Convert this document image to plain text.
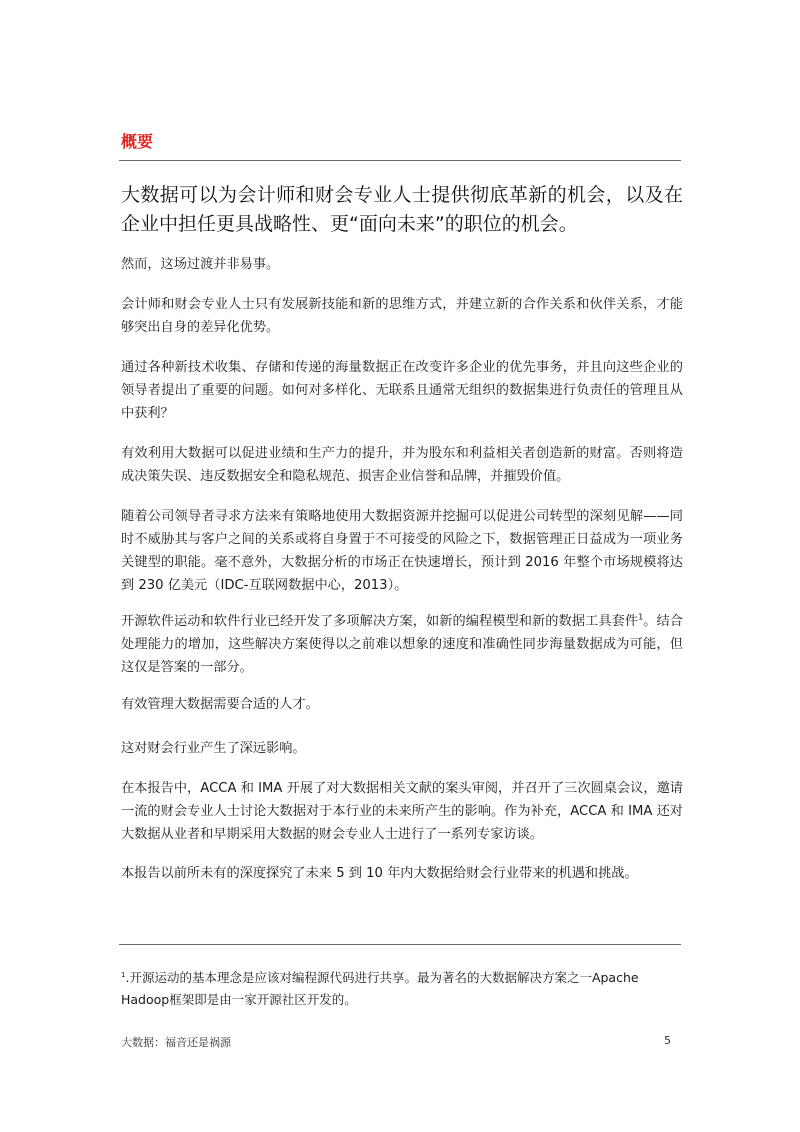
概要
大数据可以为会计师和财会专业人士提供彻底革新的机会，以及在企业中担任更具战略性、更“面向未来”的职位的机会。

然而，这场过渡并非易事。

会计师和财会专业人士只有发展新技能和新的思维方式，并建立新的合作关系和伙伴关系，才能够突出自身的差异化优势。

通过各种新技术收集、存储和传递的海量数据正在改变许多企业的优先事务，并且向这些企业的领导者提出了重要的问题。如何对多样化、无联系且通常无组织的数据集进行负责任的管理且从中获利？

有效利用大数据可以促进业绩和生产力的提升，并为股东和利益相关者创造新的财富。否则将造成决策失误、违反数据安全和隐私规范、损害企业信誉和品牌，并摧毁价值。

随着公司领导者寻求方法来有策略地使用大数据资源并挖掘可以促进公司转型的深刻见解——同时不威胁其与客户之间的关系或将自身置于不可接受的风险之下，数据管理正日益成为一项业务关键型的职能。毫不意外，大数据分析的市场正在快速增长，预计到 2016 年整个市场规模将达到 230 亿美元（IDC-互联网数据中心，2013）。

开源软件运动和软件行业已经开发了多项解决方案，如新的编程模型和新的数据工具套件$^1$。结合处理能力的增加，这些解决方案使得以之前难以想象的速度和准确性同步海量数据成为可能，但这仅是答案的一部分。

有效管理大数据需要合适的人才。

这对财会行业产生了深远影响。

在本报告中，ACCA 和 IMA 开展了对大数据相关文献的案头审阅，并召开了三次圆桌会议，邀请一流的财会专业人士讨论大数据对于本行业的未来所产生的影响。作为补充，ACCA 和 IMA 还对大数据从业者和早期采用大数据的财会专业人士进行了一系列专家访谈。

本报告以前所未有的深度探究了未来 5 到 10 年内大数据给财会行业带来的机遇和挑战。

$^1$.开源运动的基本理念是应该对编程源代码进行共享。最为著名的大数据解决方案之一Apache Hadoop框架即是由一家开源社区开发的。
大数据：福音还是祸源	5
